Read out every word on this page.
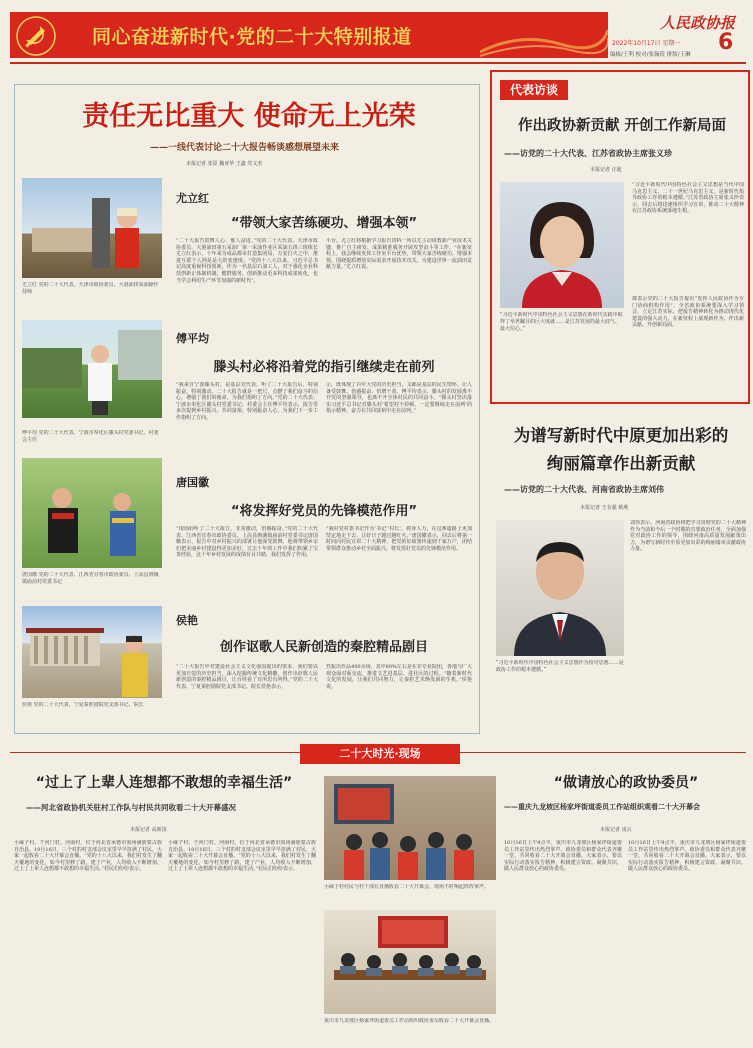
同心奋进新时代·党的二十大特别报道
人民政协报
2022年10月17日 星期一	6
编辑/王利 校对/张翰锐 排版/王琳
责任无比重大 使命无上光荣
——一线代表讨论二十大报告畅谈感想展望未来
本报记者 张原 魏亚华 王鑫 党文杰
尤立红 党的二十大代表、天津市政协委员、大港油田采油操作技师
傅平均 党的二十大代表、宁波市奉化区滕头村党委书记、村委会主任
唐国徽 党的二十大代表、江西省宜春市政协委员、上高县泗溪镇庙前村党委书记
侯艳 党的二十大代表、宁夏秦腔剧院党支部书记、院长
尤立红
“带领大家苦练硬功、增强本领”
“二十大报告鼓舞人心、催人奋进。”党的二十大代表、天津市政协委员、大港油田第五采油厂第一采油作业区采油五班三班组长尤立红表示，十年来为成品都市打造集团局，万安打火之中，推进互联个人网是是大的变速度。“党的十八大以来，习近平总书记高度重视科技创新。作为一名基层石油工人，对于强化企业科技创新正体制机制，健群服务，创新推动更多科技成果转化，也当学会利用生产环节加强的新时代”。
平台。尤立红将根据学习报告资料一所以尤主动请教新产业技术关键，推广自主研发、成果精准服务开展攻坚奋斗等工作，“在新征程上，我会继续发挥工作室平台优势，带领大家苦练硬功、增强本领，围绕提质增效实际需求开展技术攻关，为建设世界一流油田贡献力量。”尤立红说。
傅平均
滕头村必将沿着党的指引继续走在前列
“我来自宁波滕头村，是基层党代表。听了二十大报告后，特别振奋，特别激动。二十大报告就是一把尺，点燃了我们奋斗的信心，增强了我们的使命，为我们指明了方向。”党的二十大代表、宁波市奉化区滕头村党委书记、村委会主任傅平均表示，报告里多次提到乡村振兴、共同富裕，特别振奋人心，为我们下一步工作指明了方向。
示，既体现了百年大党的历史担当，又都是基层的民生情怀。让人备受鼓舞、倍感振奋、倍增干劲。傅平均表示，滕头村的发展离不开党的坚强领导，也离不开全体村民的共同奋斗。“滕头村坚决落实习近平总书记对滕头村‘希望村不停顿，一定要继续走在前列’的指示精神，奋力在共同富裕中走在前列。”
唐国徽
“将发挥好党员的先锋模范作用”
“现场聆听了二十大报告，非常激动，倍感振奋。”党的二十大代表、江西省宜春市政协委员、上高县泗溪镇庙前村党委书记唐国徽表示，报告中对乡村振兴的部署让他深受鼓舞，他将带领乡亲们把美丽乡村建设得更加美好，过去十年的工作中我们积累了宝贵经验，这十年乡村发展的成绩有目共睹，我们发挥了作用。
“我村党村委书记作为‘书记’‘村长’，将身人力，在这条道路上更加坚定地走下去，让好日子越过越红火。”唐国徽表示，回去后将第一时间向村民宣讲二十大精神，把党的好政策传递到千家万户，团结带领群众推动乡村全面振兴，将发挥好党员的先锋模范作用。
侯艳
创作讴歌人民新创造的秦腔精品剧目
“二十大报告中对建设社会主义文化强国提出的要求，我们要以更加自觉的历史担当，深入挖掘传统文化精髓，创作出讴歌人民新创造的秦腔精品剧目，让百姓看了有所思有所得。”党的二十大代表、宁夏秦腔剧院党支部书记、院长侯艳表示。
性振出作品400余场，其中80%左右是在非专业院团，各地与广大观众面对面交流，推进文艺进基层、进社区的过程。“随着新时代文化的发展，让我们共同努力，让秦腔艺术焕发新的生机。”侯艳说。
代表访谈
作出政协新贡献 开创工作新局面
——访党的二十大代表、江苏省政协主席张义珍
本报记者 汪迪
“习近平新时代中国特色社会主义思想在新时代实践中取得了举世瞩目的巨大成就……是江苏发展的最大底气、最大信心。”
“习近平新时代中国特色社会主义思想是当代中国马克思主义、二十一世纪马克思主义，是新时代指导政协工作的根本遵循。”江苏省政协主席张义珍表示，回去后将迅速组织学习宣讲，推动二十大精神在江苏政协系统落地生根。
都表示党的二十大报告提出“发挥人民政协作为专门协商机构作用”，全省政协系统要深入学习领会，立足江苏实际，把报告精神转化为推动现代化建设的强大动力，在新征程上展现新作为、作出新贡献、开创新局面。
为谱写新时代中原更加出彩的
绚丽篇章作出新贡献
——访党的二十大代表、河南省政协主席刘伟
本报记者 王有强 蔡燕
“习近平新时代中国特色社会主义思想作为指导思想……是政协工作的根本遵循。”
刘伟表示，河南省政协将把学习贯彻党的二十大精神作为当前和今后一个时期的首要政治任务，全面加强党对政协工作的领导，围绕河南高质量发展献策出力，为谱写新时代中原更加出彩的绚丽篇章贡献政协力量。
二十大时光·现场
“过上了上辈人连想都不敢想的幸福生活”
——河北省政协机关驻村工作队与村民共同收看二十大开幕盛况
本报记者 高新国
小麻子村、干河门村、河南村，位于河北省承德市围场满族蒙古族自治县。10月16日，三个村的村支部会议室里早早挤满了村民，大家一起收看二十大开幕会直播。“党的十八大以来，我们村发生了翻天覆地的变化，如今村里修了路，建了产业，人均收入不断增加，过上了上辈人连想都不敢想的幸福生活。”村民们纷纷表示。
小麻子村、干河门村、河南村，位于河北省承德市围场满族蒙古族自治县。10月16日，三个村的村支部会议室里早早挤满了村民，大家一起收看二十大开幕会直播。“党的十八大以来，我们村发生了翻天覆地的变化，如今村里修了路，建了产业，人均收入不断增加，过上了上辈人连想都不敢想的幸福生活。”村民们纷纷表示。
小麻子村村民与村干部在直播收看二十大开幕会，现场不时响起阵阵掌声。
重庆市九龙坡区杨家坪街道委员工作站组织政协委员收看二十大开幕会直播。
“做请放心的政协委员”
——重庆九龙坡区杨家坪街道委员工作站组织观看二十大开幕会
本报记者 凌云
10月16日上午9点半，重庆市九龙坡区杨家坪街道委员工作站里传出热烈掌声。政协委员和群众代表齐聚一堂，共同收看二十大开幕会直播。大家表示，要以实际行动落实报告精神，积极建言资政、凝聚共识，做人民群众放心的政协委员。
10月16日上午9点半，重庆市九龙坡区杨家坪街道委员工作站里传出热烈掌声。政协委员和群众代表齐聚一堂，共同收看二十大开幕会直播。大家表示，要以实际行动落实报告精神，积极建言资政、凝聚共识，做人民群众放心的政协委员。
